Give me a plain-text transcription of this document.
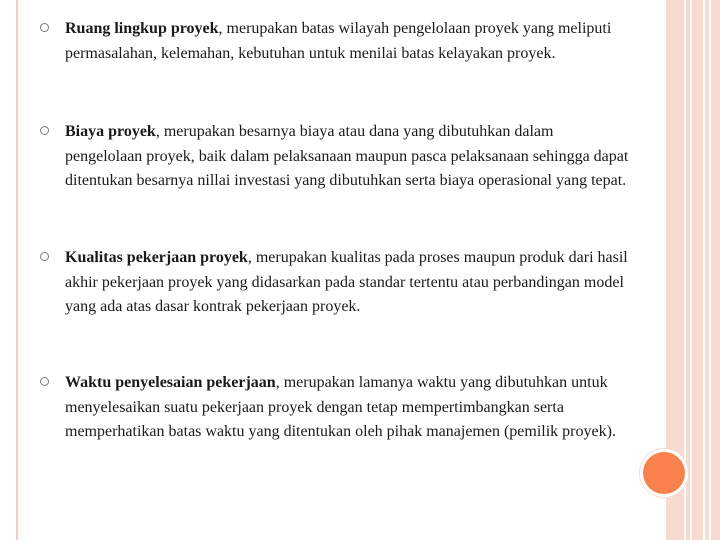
Ruang lingkup proyek, merupakan batas wilayah pengelolaan proyek yang meliputi permasalahan, kelemahan, kebutuhan untuk menilai batas kelayakan proyek.
Biaya proyek, merupakan besarnya biaya atau dana yang dibutuhkan dalam pengelolaan proyek, baik dalam pelaksanaan maupun pasca pelaksanaan sehingga dapat ditentukan besarnya nillai investasi yang dibutuhkan serta biaya operasional yang tepat.
Kualitas pekerjaan proyek, merupakan kualitas pada proses maupun produk dari hasil akhir pekerjaan proyek yang didasarkan pada standar tertentu atau perbandingan model yang ada atas dasar kontrak pekerjaan proyek.
Waktu penyelesaian pekerjaan, merupakan lamanya waktu yang dibutuhkan untuk menyelesaikan suatu pekerjaan proyek dengan tetap mempertimbangkan serta memperhatikan batas waktu yang ditentukan oleh pihak manajemen (pemilik proyek).
